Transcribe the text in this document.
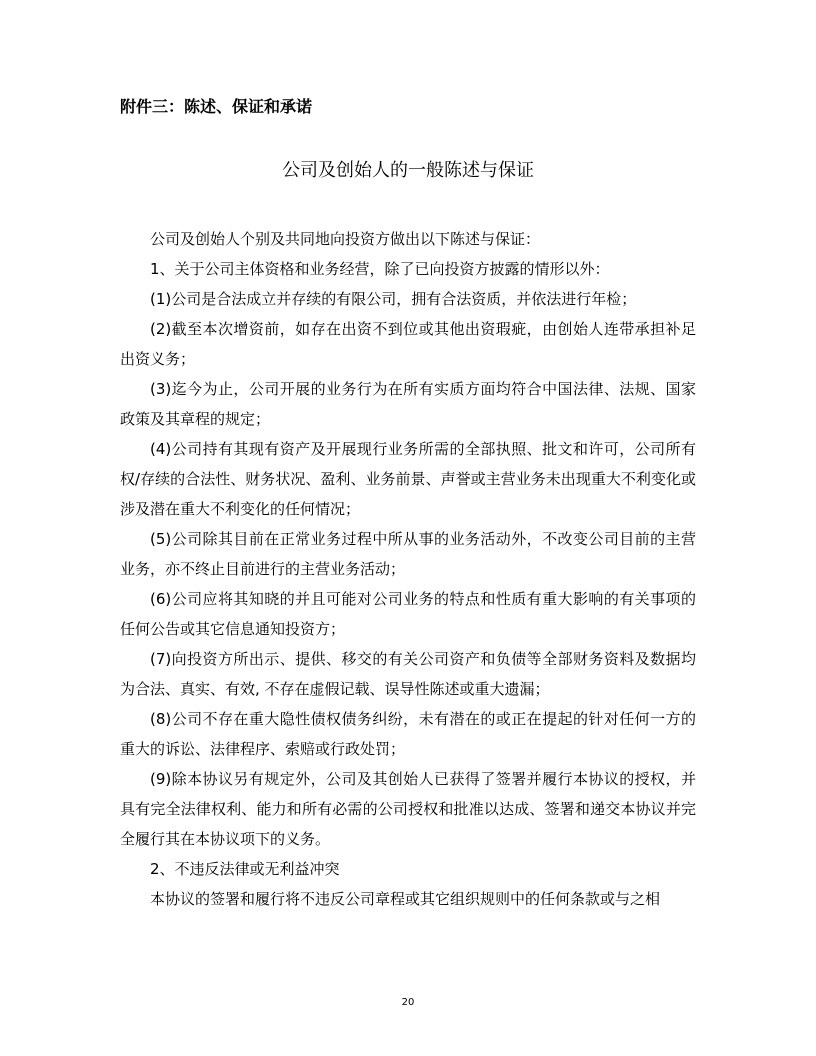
附件三：陈述、保证和承诺
公司及创始人的一般陈述与保证

公司及创始人个别及共同地向投资方做出以下陈述与保证：

1、关于公司主体资格和业务经营，除了已向投资方披露的情形以外：

(1)公司是合法成立并存续的有限公司，拥有合法资质，并依法进行年检；

(2)截至本次增资前，如存在出资不到位或其他出资瑕疵，由创始人连带承担补足出资义务；

(3)迄今为止，公司开展的业务行为在所有实质方面均符合中国法律、法规、国家政策及其章程的规定；

(4)公司持有其现有资产及开展现行业务所需的全部执照、批文和许可，公司所有权/存续的合法性、财务状况、盈利、业务前景、声誉或主营业务未出现重大不利变化或涉及潜在重大不利变化的任何情况；

(5)公司除其目前在正常业务过程中所从事的业务活动外，不改变公司目前的主营业务，亦不终止目前进行的主营业务活动；

(6)公司应将其知晓的并且可能对公司业务的特点和性质有重大影响的有关事项的任何公告或其它信息通知投资方；

(7)向投资方所出示、提供、移交的有关公司资产和负债等全部财务资料及数据均为合法、真实、有效, 不存在虚假记载、误导性陈述或重大遗漏；

(8)公司不存在重大隐性债权债务纠纷，未有潜在的或正在提起的针对任何一方的重大的诉讼、法律程序、索赔或行政处罚；

(9)除本协议另有规定外，公司及其创始人已获得了签署并履行本协议的授权，并具有完全法律权利、能力和所有必需的公司授权和批准以达成、签署和递交本协议并完全履行其在本协议项下的义务。

2、不违反法律或无利益冲突

本协议的签署和履行将不违反公司章程或其它组织规则中的任何条款或与之相

20
